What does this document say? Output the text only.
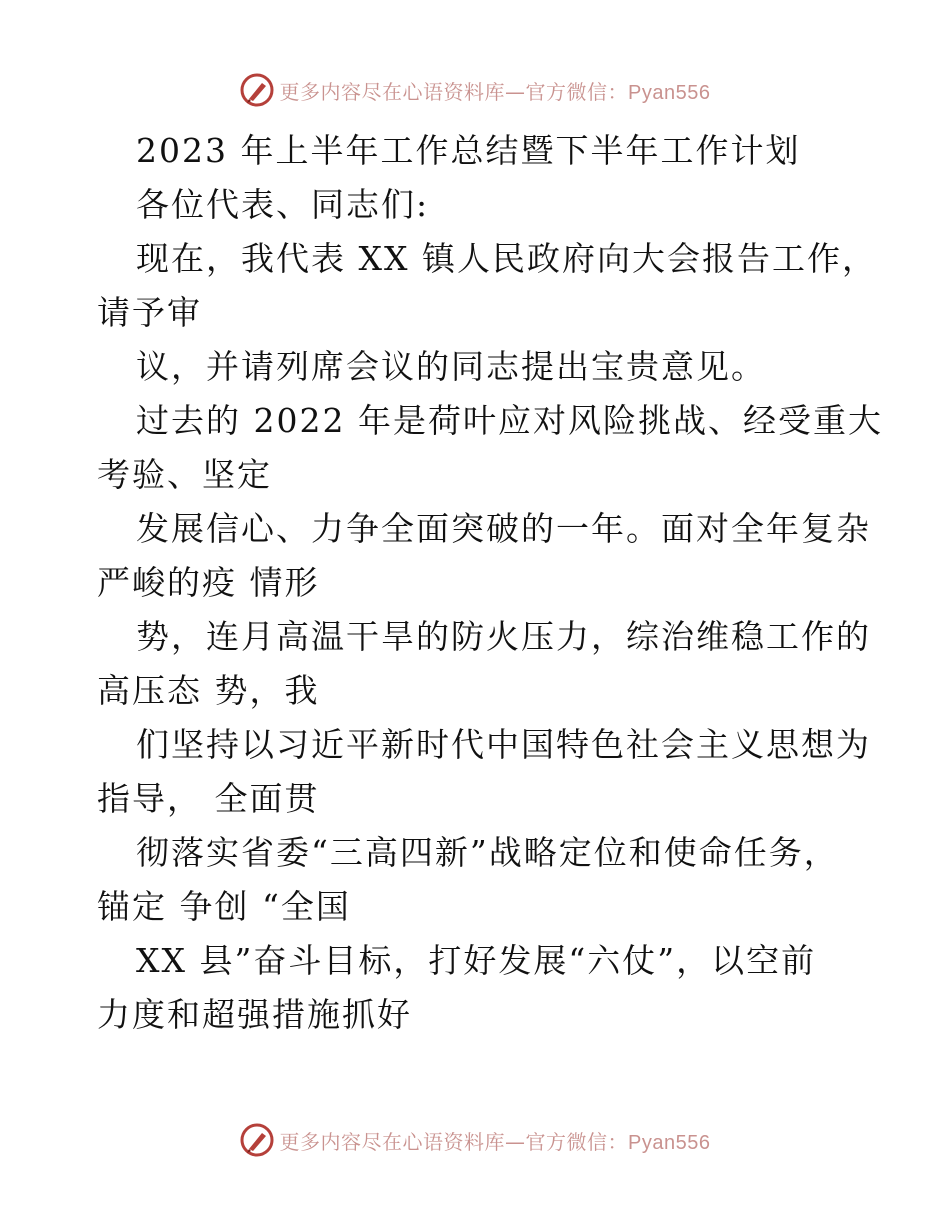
更多内容尽在心语资料库—官方微信：Pyan556
2023 年上半年工作总结暨下半年工作计划
各位代表、同志们:
现在，我代表 XX 镇人民政府向大会报告工作，
请予审
议，并请列席会议的同志提出宝贵意见。
过去的 2022 年是荷叶应对风险挑战、经受重大
考验、坚定
发展信心、力争全面突破的一年。面对全年复杂
严峻的疫 情形
势，连月高温干旱的防火压力，综治维稳工作的
高压态 势，我
们坚持以习近平新时代中国特色社会主义思想为
指导， 全面贯
彻落实省委“三高四新”战略定位和使命任务，
锚定 争创 “全国
XX 县”奋斗目标，打好发展“六仗”，以空前
力度和超强措施抓好
更多内容尽在心语资料库—官方微信：Pyan556
